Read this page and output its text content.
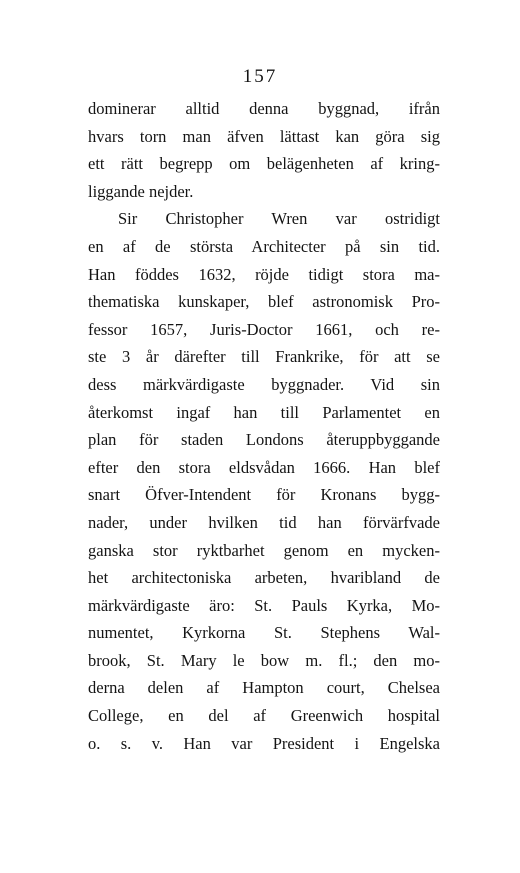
157
dominerar alltid denna byggnad, ifrån
hvars torn man äfven lättast kan göra sig
ett rätt begrepp om belägenheten af kring-
liggande nejder.
Sir Christopher Wren var ostridigt
en af de största Architecter på sin tid.
Han föddes 1632, röjde tidigt stora ma-
thematiska kunskaper, blef astronomisk Pro-
fessor 1657, Juris-Doctor 1661, och re-
ste 3 år därefter till Frankrike, för att se
dess märkvärdigaste byggnader. Vid sin
återkomst ingaf han till Parlamentet en
plan för staden Londons återuppbyggande
efter den stora eldsvådan 1666. Han blef
snart Öfver-Intendent för Kronans bygg-
nader, under hvilken tid han förvärfvade
ganska stor ryktbarhet genom en mycken-
het architectoniska arbeten, hvaribland de
märkvärdigaste äro: St. Pauls Kyrka, Mo-
numentet, Kyrkorna St. Stephens Wal-
brook, St. Mary le bow m. fl.; den mo-
derna delen af Hampton court, Chelsea
College, en del af Greenwich hospital
o. s. v. Han var President i Engelska
